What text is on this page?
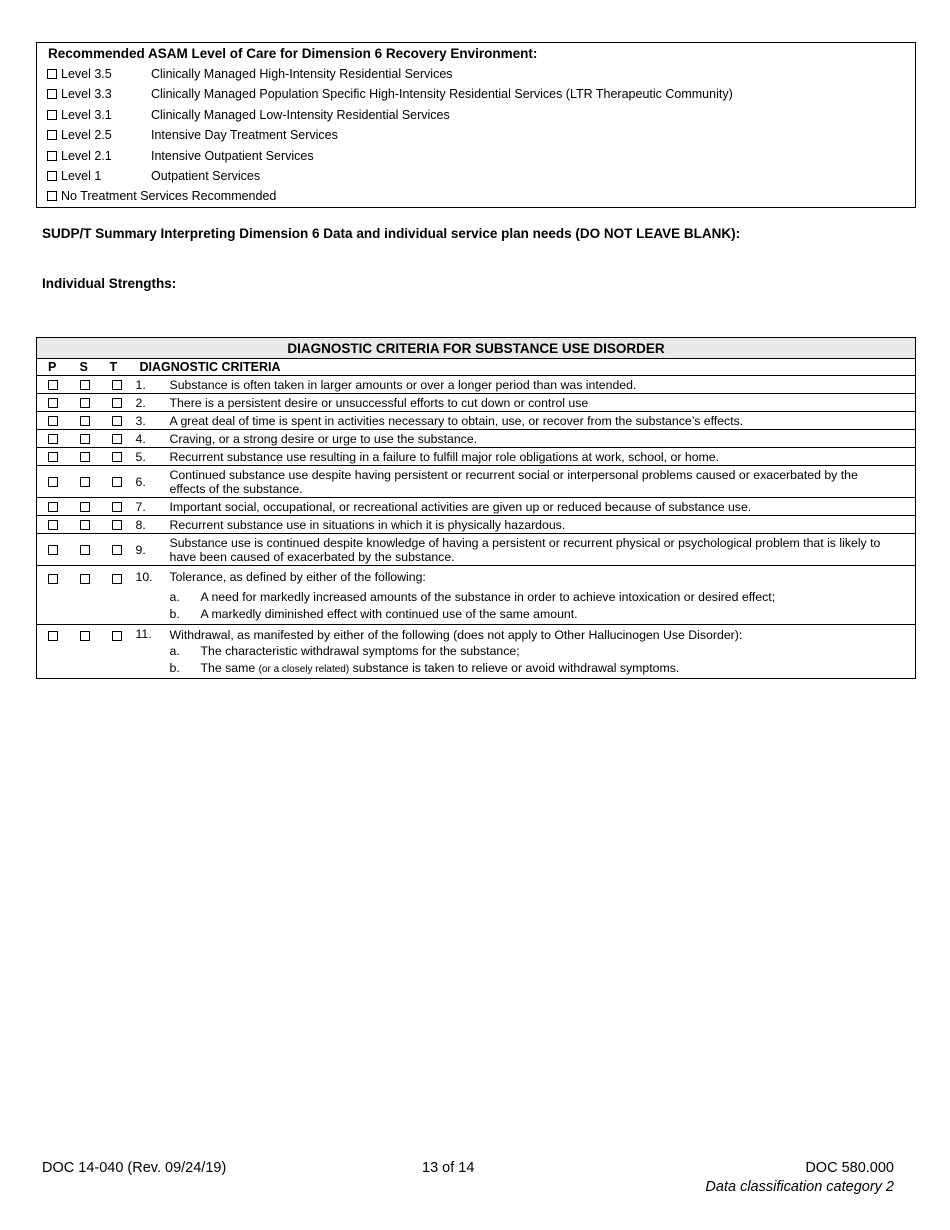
Recommended ASAM Level of Care for Dimension 6 Recovery Environment:
Level 3.5	Clinically Managed High-Intensity Residential Services
Level 3.3	Clinically Managed Population Specific High-Intensity Residential Services (LTR Therapeutic Community)
Level 3.1	Clinically Managed Low-Intensity Residential Services
Level 2.5	Intensive Day Treatment Services
Level 2.1	Intensive Outpatient Services
Level 1	Outpatient Services
No Treatment Services Recommended
SUDP/T Summary Interpreting Dimension 6 Data and individual service plan needs (DO NOT LEAVE BLANK):
Individual Strengths:
DIAGNOSTIC CRITERIA FOR SUBSTANCE USE DISORDER				
P	S	T	DIAGNOSTIC CRITERIA	
			1.	Substance is often taken in larger amounts or over a longer period than was intended.
			2.	There is a persistent desire or unsuccessful efforts to cut down or control use
			3.	A great deal of time is spent in activities necessary to obtain, use, or recover from the substance’s effects.
			4.	Craving, or a strong desire or urge to use the substance.
			5.	Recurrent substance use resulting in a failure to fulfill major role obligations at work, school, or home.
			6.	Continued substance use despite having persistent or recurrent social or interpersonal problems caused or exacerbated by the effects of the substance.
			7.	Important social, occupational, or recreational activities are given up or reduced because of substance use.
			8.	Recurrent substance use in situations in which it is physically hazardous.
			9.	Substance use is continued despite knowledge of having a persistent or recurrent physical or psychological problem that is likely to have been caused of exacerbated by the substance.
			10.	Tolerance, as defined by either of the following:
a. A need for markedly increased amounts of the substance in order to achieve intoxication or desired effect;
b. A markedly diminished effect with continued use of the same amount.

			11.	Withdrawal, as manifested by either of the following (does not apply to Other Hallucinogen Use Disorder):
a. The characteristic withdrawal symptoms for the substance;
b. The same (or a closely related) substance is taken to relieve or avoid withdrawal symptoms.
DOC 14-040 (Rev. 09/24/19)	13 of 14	DOC 580.000
Data classification category 2
